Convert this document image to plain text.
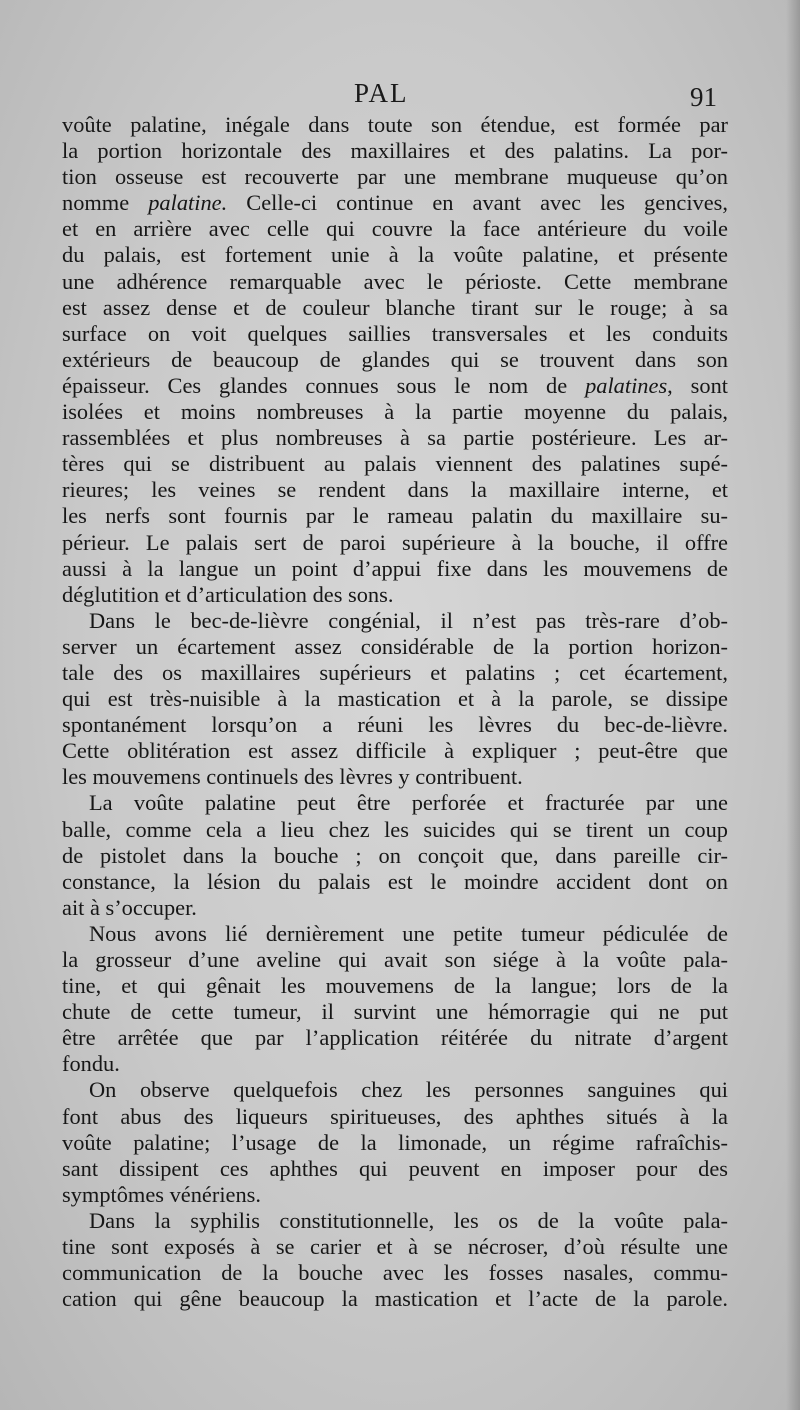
PAL	91
voûte palatine, inégale dans toute son étendue, est formée par
la portion horizontale des maxillaires et des palatins. La por-
tion osseuse est recouverte par une membrane muqueuse qu’on
nomme palatine. Celle-ci continue en avant avec les gencives,
et en arrière avec celle qui couvre la face antérieure du voile
du palais, est fortement unie à la voûte palatine, et présente
une adhérence remarquable avec le périoste. Cette membrane
est assez dense et de couleur blanche tirant sur le rouge; à sa
surface on voit quelques saillies transversales et les conduits
extérieurs de beaucoup de glandes qui se trouvent dans son
épaisseur. Ces glandes connues sous le nom de palatines, sont
isolées et moins nombreuses à la partie moyenne du palais,
rassemblées et plus nombreuses à sa partie postérieure. Les ar-
tères qui se distribuent au palais viennent des palatines supé-
rieures; les veines se rendent dans la maxillaire interne, et
les nerfs sont fournis par le rameau palatin du maxillaire su-
périeur. Le palais sert de paroi supérieure à la bouche, il offre
aussi à la langue un point d’appui fixe dans les mouvemens de
déglutition et d’articulation des sons.
Dans le bec-de-lièvre congénial, il n’est pas très-rare d’ob-
server un écartement assez considérable de la portion horizon-
tale des os maxillaires supérieurs et palatins ; cet écartement,
qui est très-nuisible à la mastication et à la parole, se dissipe
spontanément lorsqu’on a réuni les lèvres du bec-de-lièvre.
Cette oblitération est assez difficile à expliquer ; peut-être que
les mouvemens continuels des lèvres y contribuent.
La voûte palatine peut être perforée et fracturée par une
balle, comme cela a lieu chez les suicides qui se tirent un coup
de pistolet dans la bouche ; on conçoit que, dans pareille cir-
constance, la lésion du palais est le moindre accident dont on
ait à s’occuper.
Nous avons lié dernièrement une petite tumeur pédiculée de
la grosseur d’une aveline qui avait son siége à la voûte pala-
tine, et qui gênait les mouvemens de la langue; lors de la
chute de cette tumeur, il survint une hémorragie qui ne put
être arrêtée que par l’application réitérée du nitrate d’argent
fondu.
On observe quelquefois chez les personnes sanguines qui
font abus des liqueurs spiritueuses, des aphthes situés à la
voûte palatine; l’usage de la limonade, un régime rafraîchis-
sant dissipent ces aphthes qui peuvent en imposer pour des
symptômes vénériens.
Dans la syphilis constitutionnelle, les os de la voûte pala-
tine sont exposés à se carier et à se nécroser, d’où résulte une
communication de la bouche avec les fosses nasales, commu-
cation qui gêne beaucoup la mastication et l’acte de la parole.
